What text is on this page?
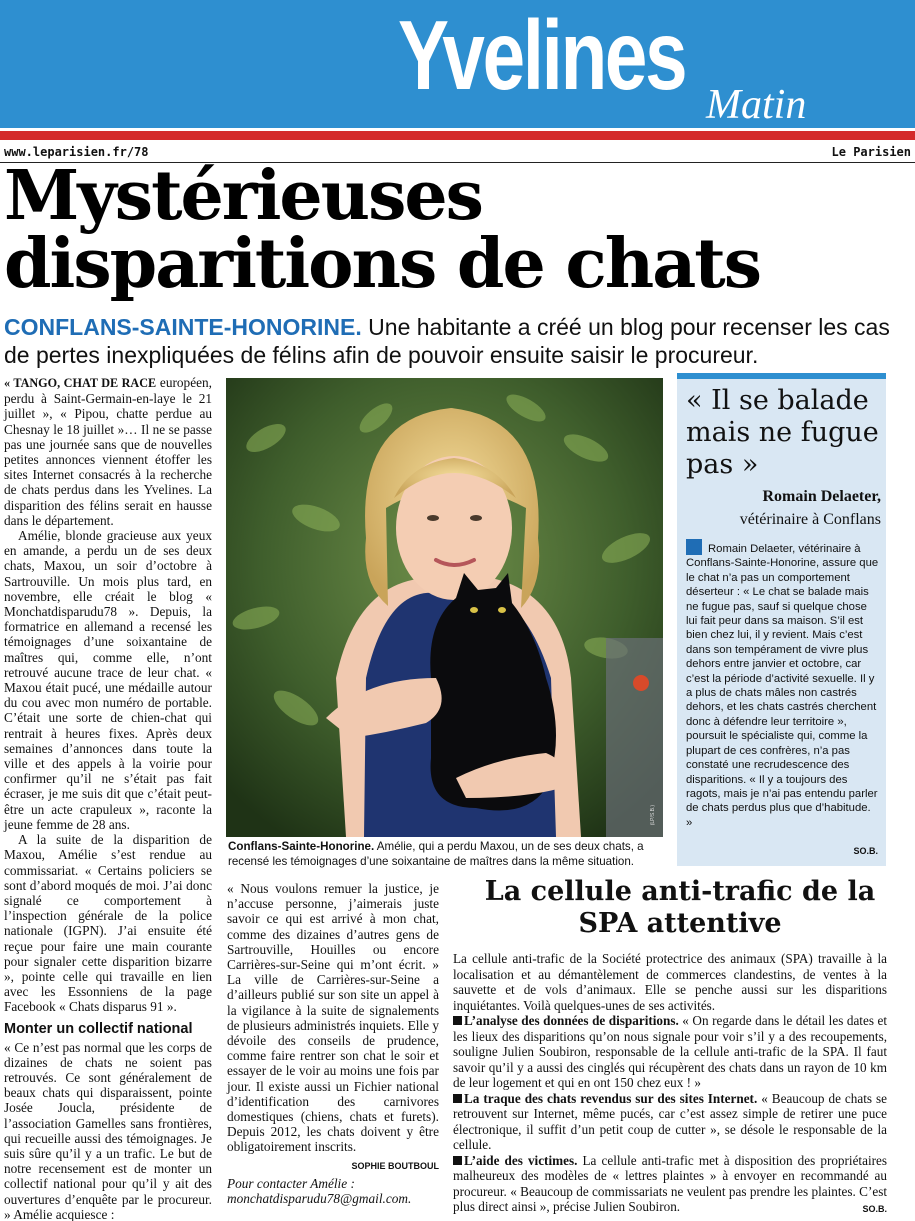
Yvelines Matin
www.leparisien.fr/78	Le Parisien
Mystérieuses disparitions de chats
CONFLANS-SAINTE-HONORINE. Une habitante a créé un blog pour recenser les cas de pertes inexpliquées de félins afin de pouvoir ensuite saisir le procureur.

« TANGO, CHAT DE RACE européen, perdu à Saint-Germain-en-laye le 21 juillet », « Pipou, chatte perdue au Chesnay le 18 juillet »… Il ne se passe pas une journée sans que de nouvelles petites annonces viennent étoffer les sites Internet consacrés à la recherche de chats perdus dans les Yvelines. La disparition des félins serait en hausse dans le département.

Amélie, blonde gracieuse aux yeux en amande, a perdu un de ses deux chats, Maxou, un soir d’octobre à Sartrouville. Un mois plus tard, en novembre, elle créait le blog « Monchatdisparudu78 ». Depuis, la formatrice en allemand a recensé les témoignages d’une soixantaine de maîtres qui, comme elle, n’ont retrouvé aucune trace de leur chat. « Maxou était pucé, une médaille autour du cou avec mon numéro de portable. C’était une sorte de chien-chat qui rentrait à heures fixes. Après deux semaines d’annonces dans toute la ville et des appels à la voirie pour confirmer qu’il ne s’était pas fait écraser, je me suis dit que c’était peut-être un acte crapuleux », raconte la jeune femme de 28 ans.

A la suite de la disparition de Maxou, Amélie s’est rendue au commissariat. « Certains policiers se sont d’abord moqués de moi. J’ai donc signalé ce comportement à l’inspection générale de la police nationale (IGPN). J’ai ensuite été reçue pour faire une main courante pour signaler cette disparition bizarre », pointe celle qui travaille en lien avec les Essonniens de la page Facebook « Chats disparus 91 ».

Monter un collectif national

« Ce n’est pas normal que les corps de dizaines de chats ne soient pas retrouvés. Ce sont généralement de beaux chats qui disparaissent, pointe Josée Joucla, présidente de l’association Gamelles sans frontières, qui recueille aussi des témoignages. Je suis sûre qu’il y a un trafic. Le but de notre recensement est de monter un collectif national pour qu’il y ait des ouvertures d’enquête par le procureur. » Amélie acquiesce :

(LP/S.B.)
Conflans-Sainte-Honorine. Amélie, qui a perdu Maxou, un de ses deux chats, a recensé les témoignages d’une soixantaine de maîtres dans la même situation.
« Il se balade mais ne fugue pas »
Romain Delaeter,
vétérinaire à Conflans
Romain Delaeter, vétérinaire à Conflans-Sainte-Honorine, assure que le chat n’a pas un comportement déserteur : « Le chat se balade mais ne fugue pas, sauf si quelque chose lui fait peur dans sa maison. S’il est bien chez lui, il y revient. Mais c’est dans son tempérament de vivre plus dehors entre janvier et octobre, car c’est la période d’activité sexuelle. Il y a plus de chats mâles non castrés dehors, et les chats castrés cherchent donc à défendre leur territoire », poursuit le spécialiste qui, comme la plupart de ces confrères, n’a pas constaté une recrudescence des disparitions. « Il y a toujours des ragots, mais je n’ai pas entendu parler de chats perdus plus que d’habitude. »
SO.B.

« Nous voulons remuer la justice, je n’accuse personne, j’aimerais juste savoir ce qui est arrivé à mon chat, comme des dizaines d’autres gens de Sartrouville, Houilles ou encore Carrières-sur-Seine qui m’ont écrit. » La ville de Carrières-sur-Seine a d’ailleurs publié sur son site un appel à la vigilance à la suite de signalements de plusieurs administrés inquiets. Elle y dévoile des conseils de prudence, comme faire rentrer son chat le soir et essayer de le voir au moins une fois par jour. Il existe aussi un Fichier national d’identification des carnivores domestiques (chiens, chats et furets). Depuis 2012, les chats doivent y être obligatoirement inscrits.

SOPHIE BOUTBOUL
Pour contacter Amélie : monchatdisparudu78@gmail.com.
La cellule anti-trafic de la SPA attentive
La cellule anti-trafic de la Société protectrice des animaux (SPA) travaille à la localisation et au démantèlement de commerces clandestins, de ventes à la sauvette et de vols d’animaux. Elle se penche aussi sur les disparitions inquiétantes. Voilà quelques-unes de ses activités.
L’analyse des données de disparitions. « On regarde dans le détail les dates et les lieux des disparitions qu’on nous signale pour voir s’il y a des recoupements, souligne Julien Soubiron, responsable de la cellule anti-trafic de la SPA. Il faut savoir qu’il y a aussi des cinglés qui récupèrent des chats dans un rayon de 10 km de leur logement et qui en ont 150 chez eux ! »
La traque des chats revendus sur des sites Internet. « Beaucoup de chats se retrouvent sur Internet, même pucés, car c’est assez simple de retirer une puce électronique, il suffit d’un petit coup de cutter », se désole le responsable de la cellule.
L’aide des victimes. La cellule anti-trafic met à disposition des propriétaires malheureux des modèles de « lettres plaintes » à envoyer en recommandé au procureur. « Beaucoup de commissariats ne veulent pas prendre les plaintes. C’est plus direct ainsi », précise Julien Soubiron.	SO.B.
